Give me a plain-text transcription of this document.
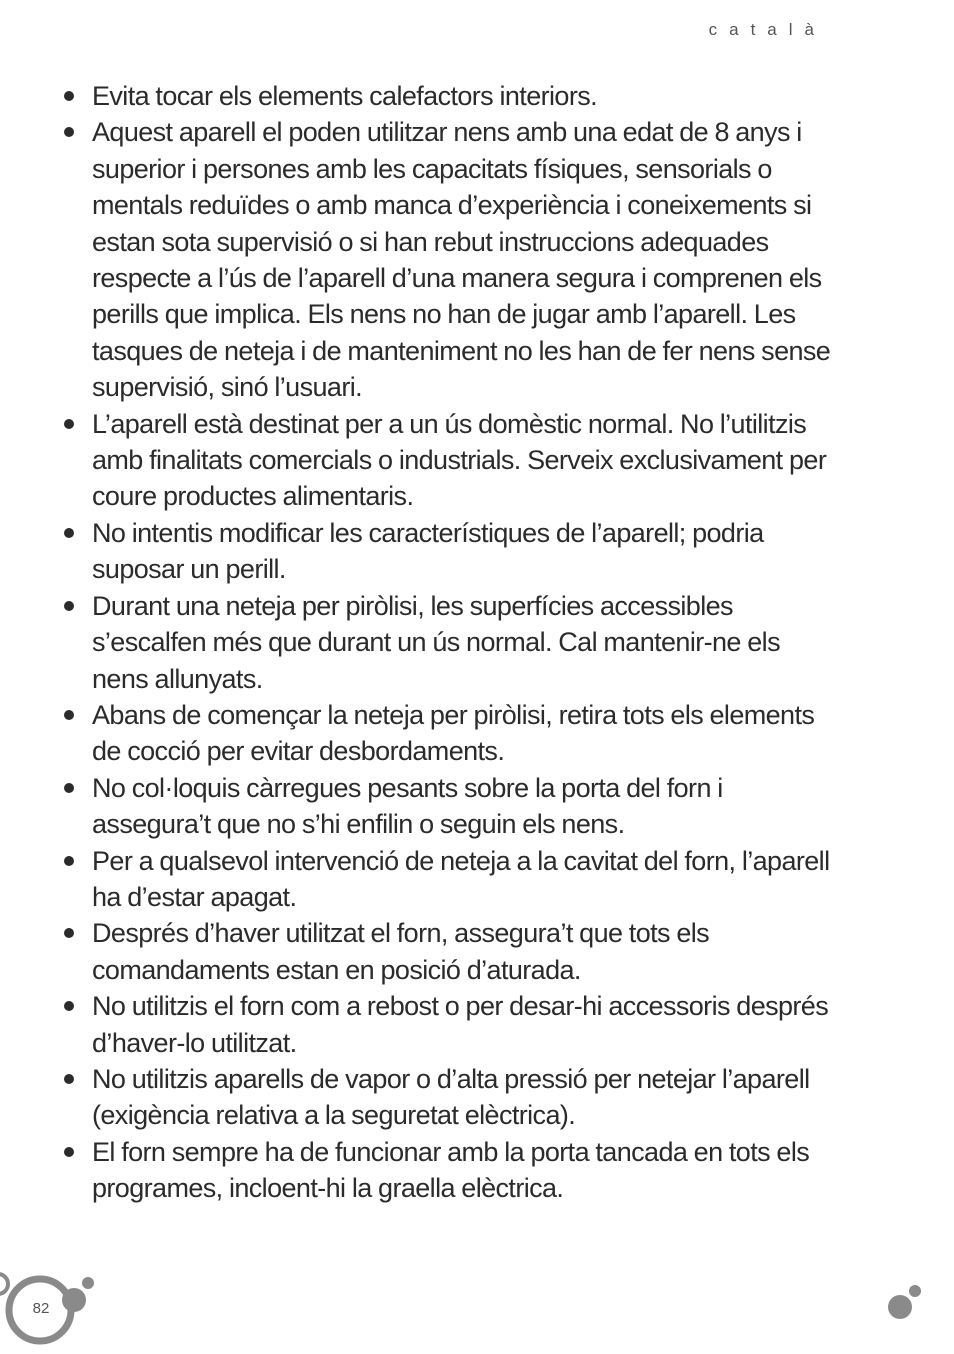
català
Evita tocar els elements calefactors interiors.
Aquest aparell el poden utilitzar nens amb una edat de 8 anys i superior i persones amb les capacitats físiques, sensorials o mentals reduïdes o amb manca d’experiència i coneixements si estan sota supervisió o si han rebut instruccions adequades respecte a l’ús de l’aparell d’una manera segura i comprenen els perills que implica. Els nens no han de jugar amb l’aparell. Les tasques de neteja i de manteniment no les han de fer nens sense supervisió, sinó l’usuari.
L’aparell està destinat per a un ús domèstic normal. No l’utilitzis amb finalitats comercials o industrials. Serveix exclusivament per coure productes alimentaris.
No intentis modificar les característiques de l’aparell; podria suposar un perill.
Durant una neteja per piròlisi, les superfícies accessibles s’escalfen més que durant un ús normal. Cal mantenir-ne els nens allunyats.
Abans de començar la neteja per piròlisi, retira tots els elements de cocció per evitar desbordaments.
No col·loquis càrregues pesants sobre la porta del forn i assegura’t que no s’hi enfilin o seguin els nens.
Per a qualsevol intervenció de neteja a la cavitat del forn, l’aparell ha d’estar apagat.
Després d’haver utilitzat el forn, assegura’t que tots els comandaments estan en posició d’aturada.
No utilitzis el forn com a rebost o per desar-hi accessoris després d’haver-lo utilitzat.
No utilitzis aparells de vapor o d’alta pressió per netejar l’aparell (exigència relativa a la seguretat elèctrica).
El forn sempre ha de funcionar amb la porta tancada en tots els programes, incloent-hi la graella elèctrica.
82
